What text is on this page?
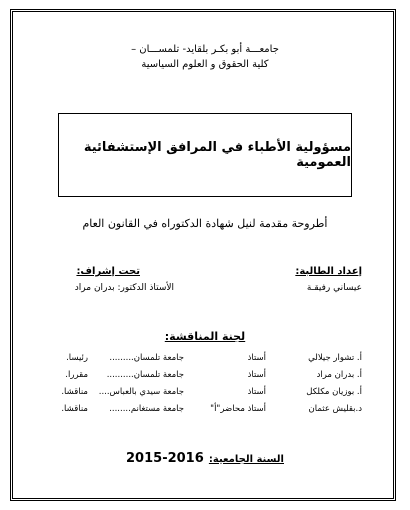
جامعـــة أبو بكـر بلقايد- تلمســـان –
كلية الحقوق و العلوم السياسية
مسؤولية الأطباء في المرافق الإستشفائية العمومية
أطروحة مقدمة لنيل شهادة الدكتوراه في القانون العام
إعداد الطالبة:
عيساني رفيقـة
تحت إشراف:
الأستاذ الدكتور: بدران مراد
لجنة المناقشة:
أ. تشوار جيلالي
أ. بدران مراد
أ. بوزيان مكلكل
د.بقليش عثمان
أستاذ
أستاذ
أستاذ
أستاذ محاضر"أ"
جامعة تلمسان.........
جامعة تلمسان..........
جامعة سيدي بالعباس....
جامعة مستغانم........
رئيسا.
مقررا.
مناقشا.
مناقشا.
السنة الجامعية: 2016-2015
